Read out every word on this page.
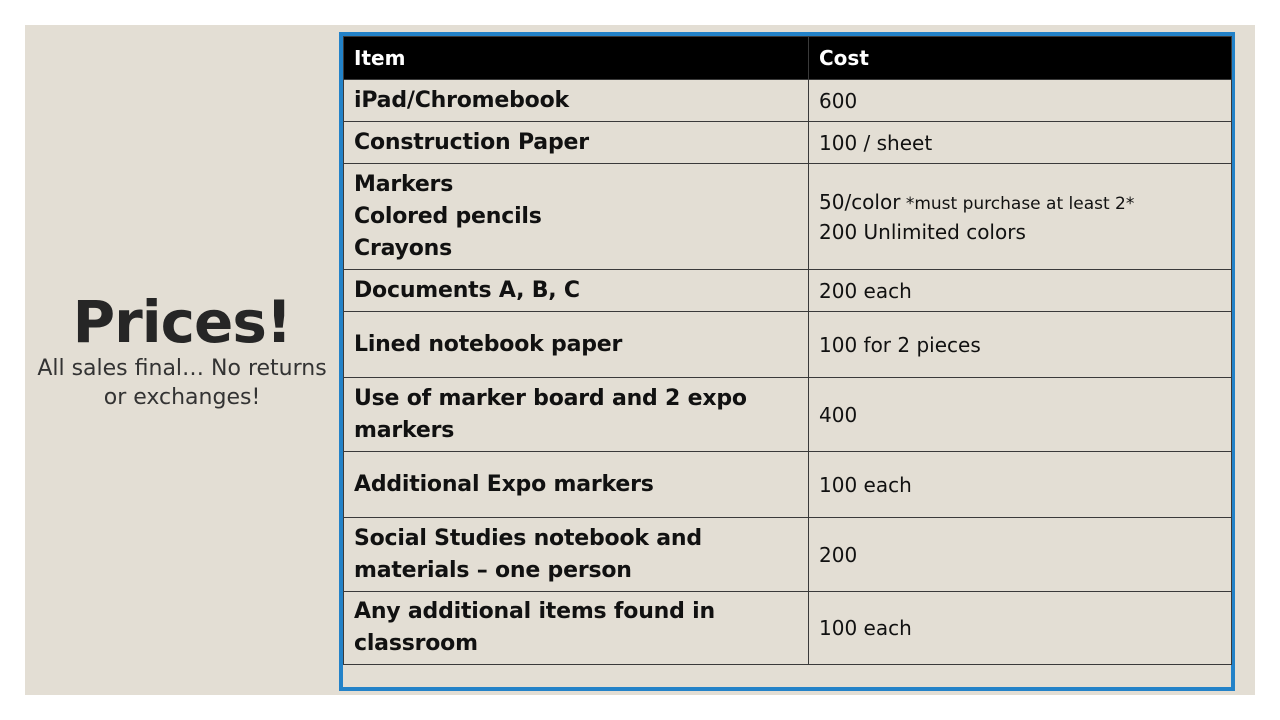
Prices!
All sales final… No returns or exchanges!
Item	Cost
iPad/Chromebook	600
Construction Paper	100 / sheet

Markers
Colored pencils
Crayons	50/color *must purchase at least 2*
200 Unlimited colors

Documents A, B, C	200 each
Lined notebook paper	100 for 2 pieces
Use of marker board and 2 expo markers	400
Additional Expo markers	100 each
Social Studies notebook and materials – one person	200
Any additional items found in classroom	100 each
